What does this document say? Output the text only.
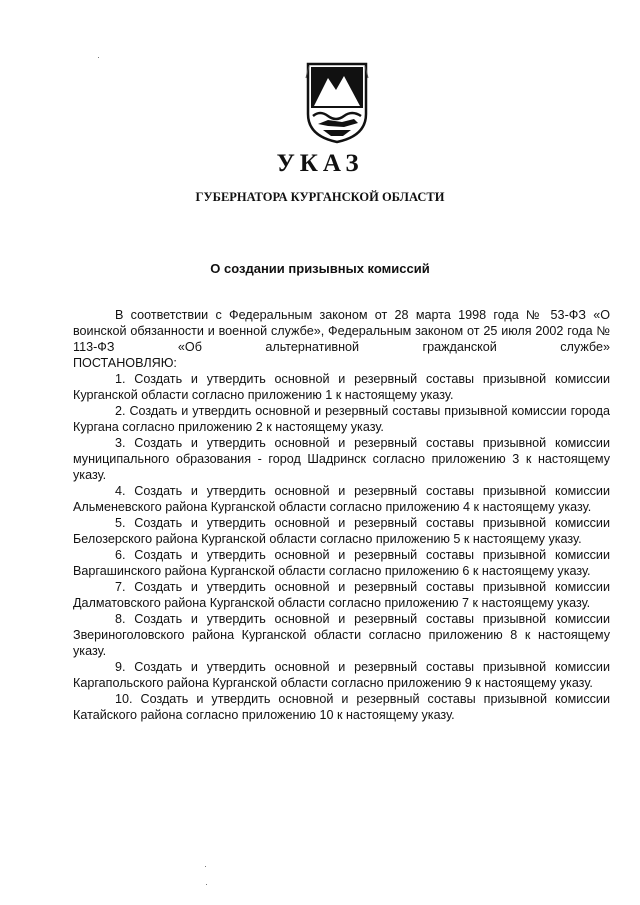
УКАЗ
ГУБЕРНАТОРА КУРГАНСКОЙ ОБЛАСТИ
О создании призывных комиссий

В соответствии с Федеральным законом от 28 марта 1998 года № 53-ФЗ «О воинской обязанности и военной службе», Федеральным законом от 25 июля 2002 года № 113-ФЗ «Об альтернативной гражданской службе»

ПОСТАНОВЛЯЮ:

1. Создать и утвердить основной и резервный составы призывной комиссии Курганской области согласно приложению 1 к настоящему указу.

2. Создать и утвердить основной и резервный составы призывной комиссии города Кургана согласно приложению 2 к настоящему указу.

3. Создать и утвердить основной и резервный составы призывной комиссии муниципального образования - город Шадринск согласно приложению 3 к настоящему указу.

4. Создать и утвердить основной и резервный составы призывной комиссии Альменевского района Курганской области согласно приложению 4 к настоящему указу.

5. Создать и утвердить основной и резервный составы призывной комиссии Белозерского района Курганской области согласно приложению 5 к настоящему указу.

6. Создать и утвердить основной и резервный составы призывной комиссии Варгашинского района Курганской области согласно приложению 6 к настоящему указу.

7. Создать и утвердить основной и резервный составы призывной комиссии Далматовского района Курганской области согласно приложению 7 к настоящему указу.

8. Создать и утвердить основной и резервный составы призывной комиссии Звериноголовского района Курганской области согласно приложению 8 к настоящему указу.

9. Создать и утвердить основной и резервный составы призывной комиссии Каргапольского района Курганской области согласно приложению 9 к настоящему указу.

10. Создать и утвердить основной и резервный составы призывной комиссии Катайского района согласно приложению 10 к настоящему указу.
